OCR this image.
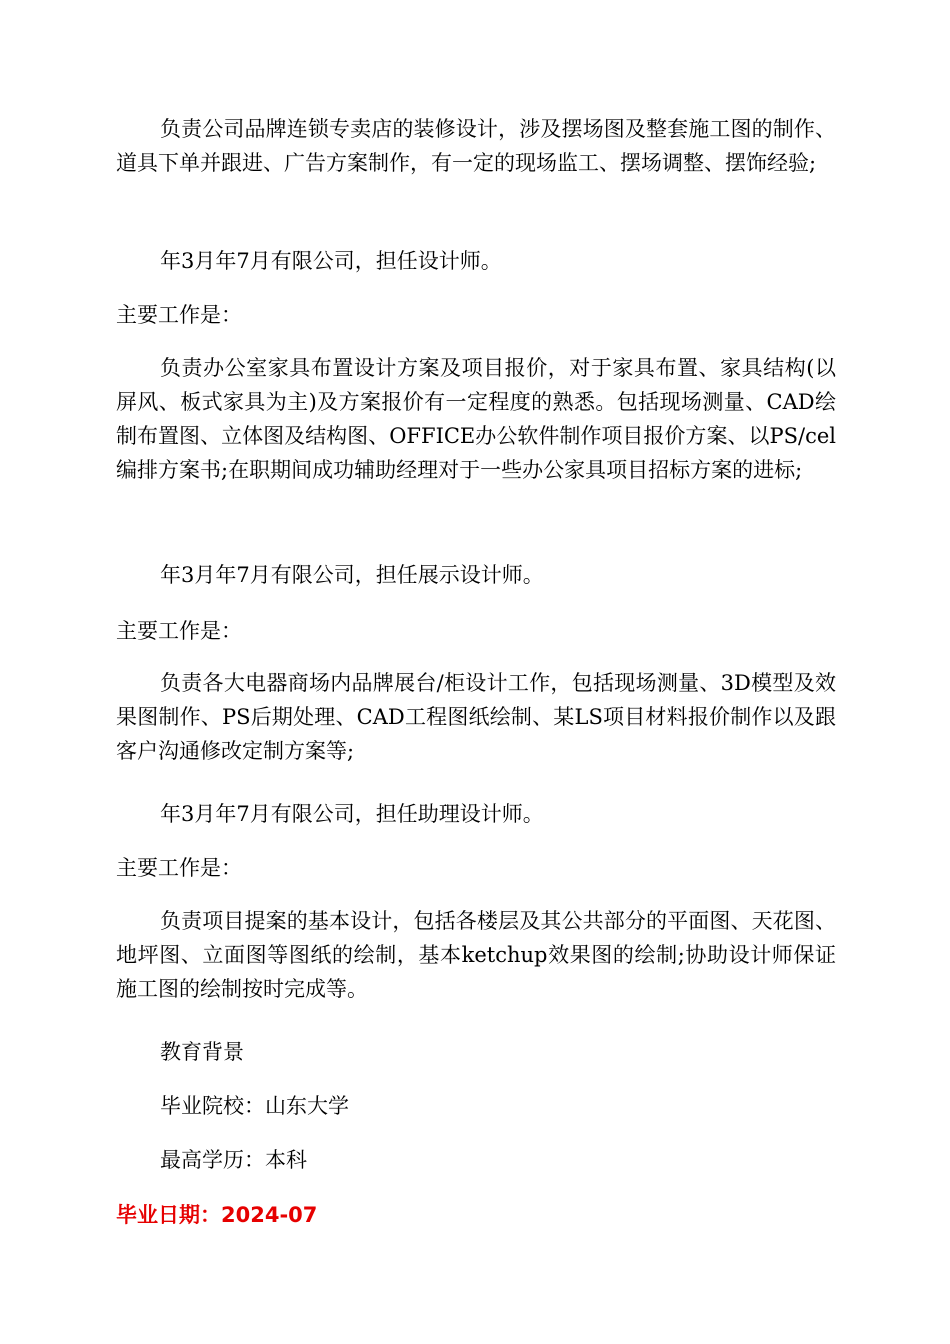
负责公司品牌连锁专卖店的装修设计，涉及摆场图及整套施工图的制作、道具下单并跟进、广告方案制作，有一定的现场监工、摆场调整、摆饰经验;

年3月年7月有限公司，担任设计师。

主要工作是：

负责办公室家具布置设计方案及项目报价，对于家具布置、家具结构(以屏风、板式家具为主)及方案报价有一定程度的熟悉。包括现场测量、CAD绘制布置图、立体图及结构图、OFFICE办公软件制作项目报价方案、以PS/cel编排方案书;在职期间成功辅助经理对于一些办公家具项目招标方案的进标;

年3月年7月有限公司，担任展示设计师。

主要工作是：

负责各大电器商场内品牌展台/柜设计工作，包括现场测量、3D模型及效果图制作、PS后期处理、CAD工程图纸绘制、某LS项目材料报价制作以及跟客户沟通修改定制方案等;

年3月年7月有限公司，担任助理设计师。

主要工作是：

负责项目提案的基本设计，包括各楼层及其公共部分的平面图、天花图、地坪图、立面图等图纸的绘制，基本ketchup效果图的绘制;协助设计师保证施工图的绘制按时完成等。

教育背景

毕业院校：山东大学

最高学历：本科

毕业日期：2024-07
